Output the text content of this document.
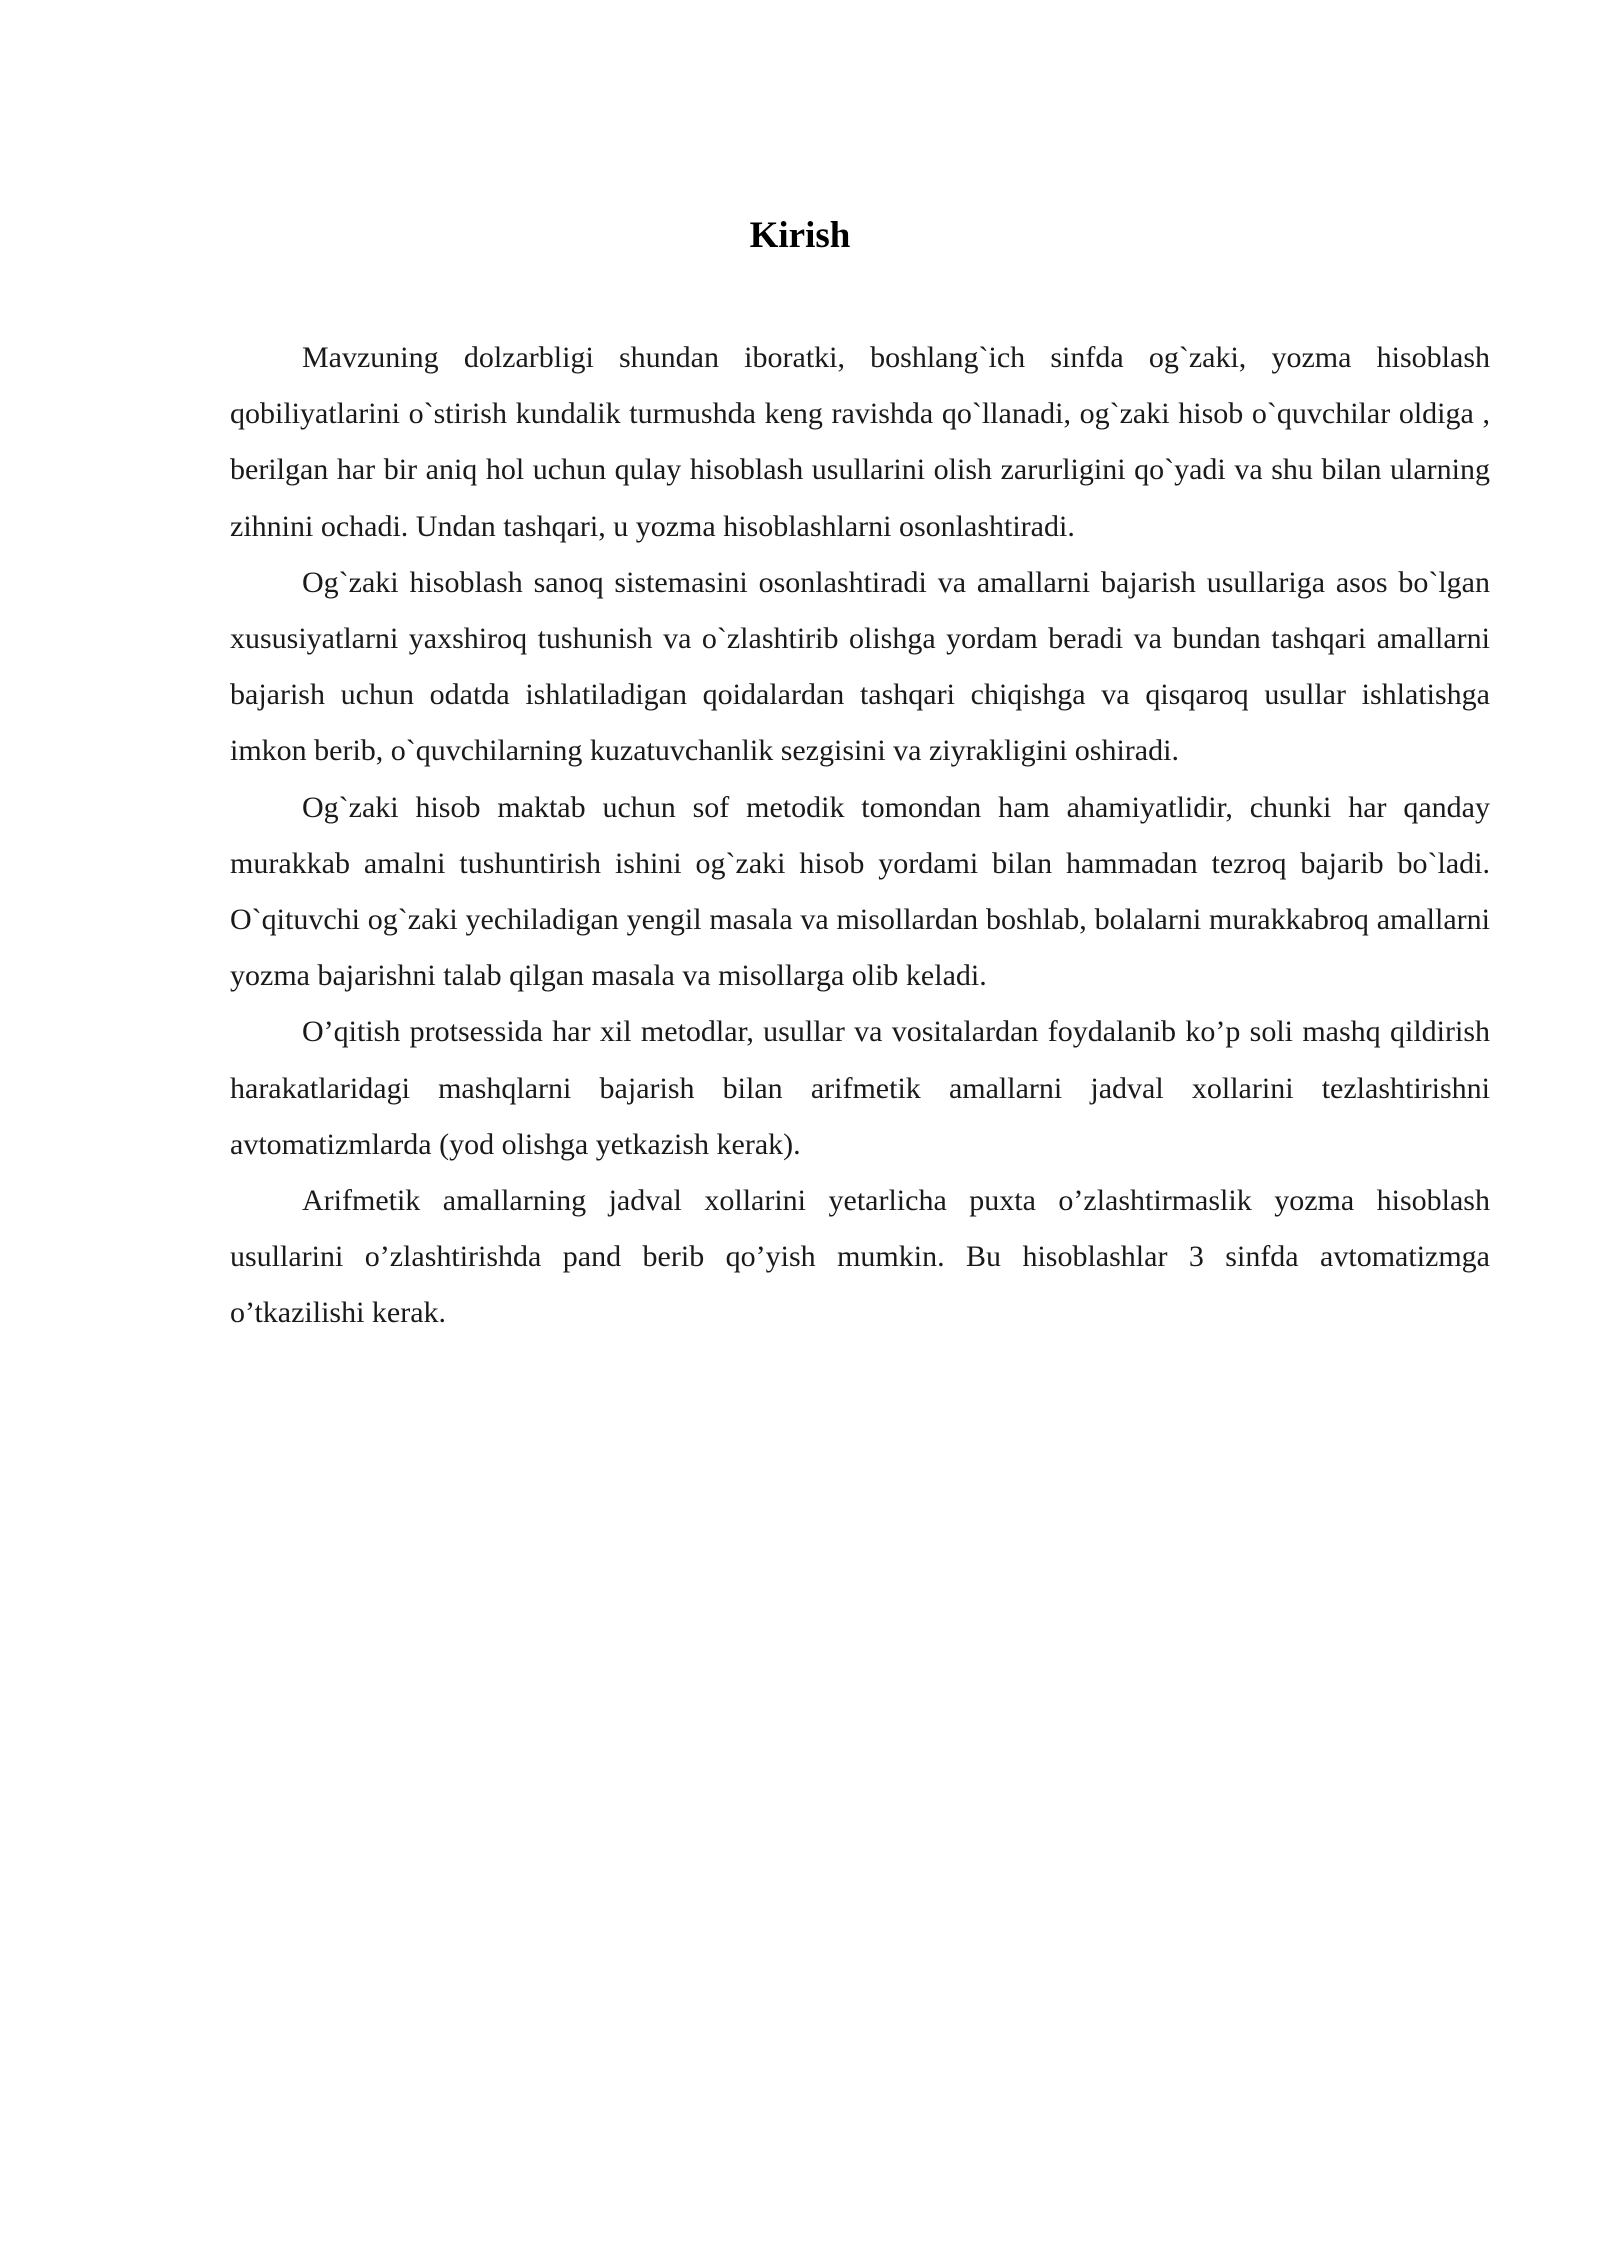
Kirish

Mavzuning dolzarbligi shundan iboratki, boshlang`ich sinfda og`zaki, yozma hisoblash qobiliyatlarini o`stirish kundalik turmushda keng ravishda qo`llanadi, og`zaki hisob o`quvchilar oldiga , berilgan har bir aniq hol uchun qulay hisoblash usullarini olish zarurligini qo`yadi va shu bilan ularning zihnini ochadi. Undan tashqari, u yozma hisoblashlarni osonlashtiradi.

Og`zaki hisoblash sanoq sistemasini osonlashtiradi va amallarni bajarish usullariga asos bo`lgan xususiyatlarni yaxshiroq tushunish va o`zlashtirib olishga yordam beradi va bundan tashqari amallarni bajarish uchun odatda ishlatiladigan qoidalardan tashqari chiqishga va qisqaroq usullar ishlatishga imkon berib, o`quvchilarning kuzatuvchanlik sezgisini va ziyrakligini oshiradi.

Og`zaki hisob maktab uchun sof metodik tomondan ham ahamiyatlidir, chunki har qanday murakkab amalni tushuntirish ishini og`zaki hisob yordami bilan hammadan tezroq bajarib bo`ladi. O`qituvchi og`zaki yechiladigan yengil masala va misollardan boshlab, bolalarni murakkabroq amallarni yozma bajarishni talab qilgan masala va misollarga olib keladi.

O’qitish protsessida har xil metodlar, usullar va vositalardan foydalanib ko’p soli mashq qildirish harakatlaridagi mashqlarni bajarish bilan arifmetik amallarni jadval xollarini tezlashtirishni avtomatizmlarda (yod olishga yetkazish kerak).

Arifmetik amallarning jadval xollarini yetarlicha puxta o’zlashtirmaslik yozma hisoblash usullarini o’zlashtirishda pand berib qo’yish mumkin. Bu hisoblashlar 3 sinfda avtomatizmga o’tkazilishi kerak.
